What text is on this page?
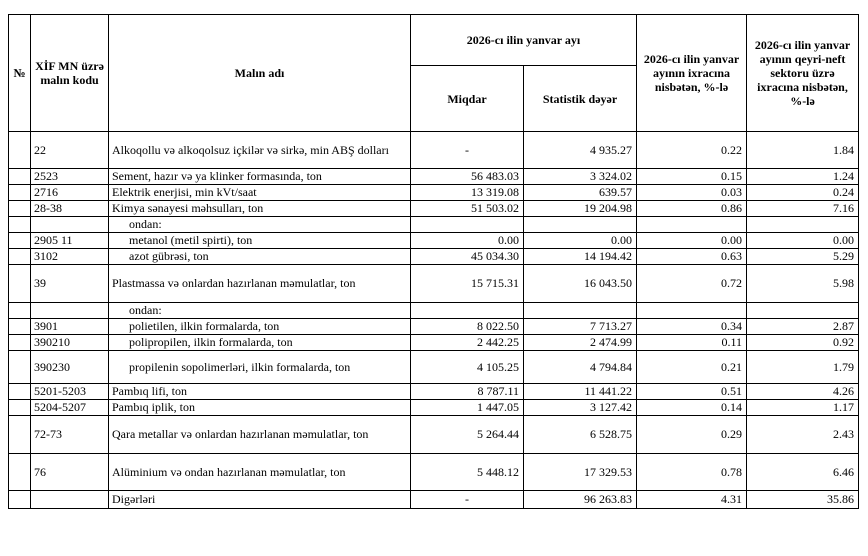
№	XİF MN üzrə malın kodu	Malın adı	2026-cı ilin yanvar ayı		2026-cı ilin yanvar ayının ixracına nisbətən, %-lə	2026-cı ilin yanvar ayının qeyri-neft sektoru üzrə ixracına nisbətən, %-lə
			Miqdar	Statistik dəyər		
	22	Alkoqollu və alkoqolsuz içkilər və sirkə, min ABŞ dolları	-	4 935.27	0.22	1.84
	2523	Sement, hazır və ya klinker formasında, ton	56 483.03	3 324.02	0.15	1.24
	2716	Elektrik enerjisi, min kVt/saat	13 319.08	639.57	0.03	0.24
	28-38	Kimya sənayesi məhsulları, ton	51 503.02	19 204.98	0.86	7.16
		ondan:				
	2905 11	metanol (metil spirti), ton	0.00	0.00	0.00	0.00
	3102	azot gübrəsi, ton	45 034.30	14 194.42	0.63	5.29
	39	Plastmassa və onlardan hazırlanan məmulatlar, ton	15 715.31	16 043.50	0.72	5.98
		ondan:				
	3901	polietilen, ilkin formalarda, ton	8 022.50	7 713.27	0.34	2.87
	390210	polipropilen, ilkin formalarda, ton	2 442.25	2 474.99	0.11	0.92
	390230	propilenin sopolimerləri, ilkin formalarda, ton	4 105.25	4 794.84	0.21	1.79
	5201-5203	Pambıq lifi, ton	8 787.11	11 441.22	0.51	4.26
	5204-5207	Pambıq iplik, ton	1 447.05	3 127.42	0.14	1.17
	72-73	Qara metallar və onlardan hazırlanan məmulatlar, ton	5 264.44	6 528.75	0.29	2.43
	76	Alüminium və ondan hazırlanan məmulatlar, ton	5 448.12	17 329.53	0.78	6.46
		Digərləri	-	96 263.83	4.31	35.86
